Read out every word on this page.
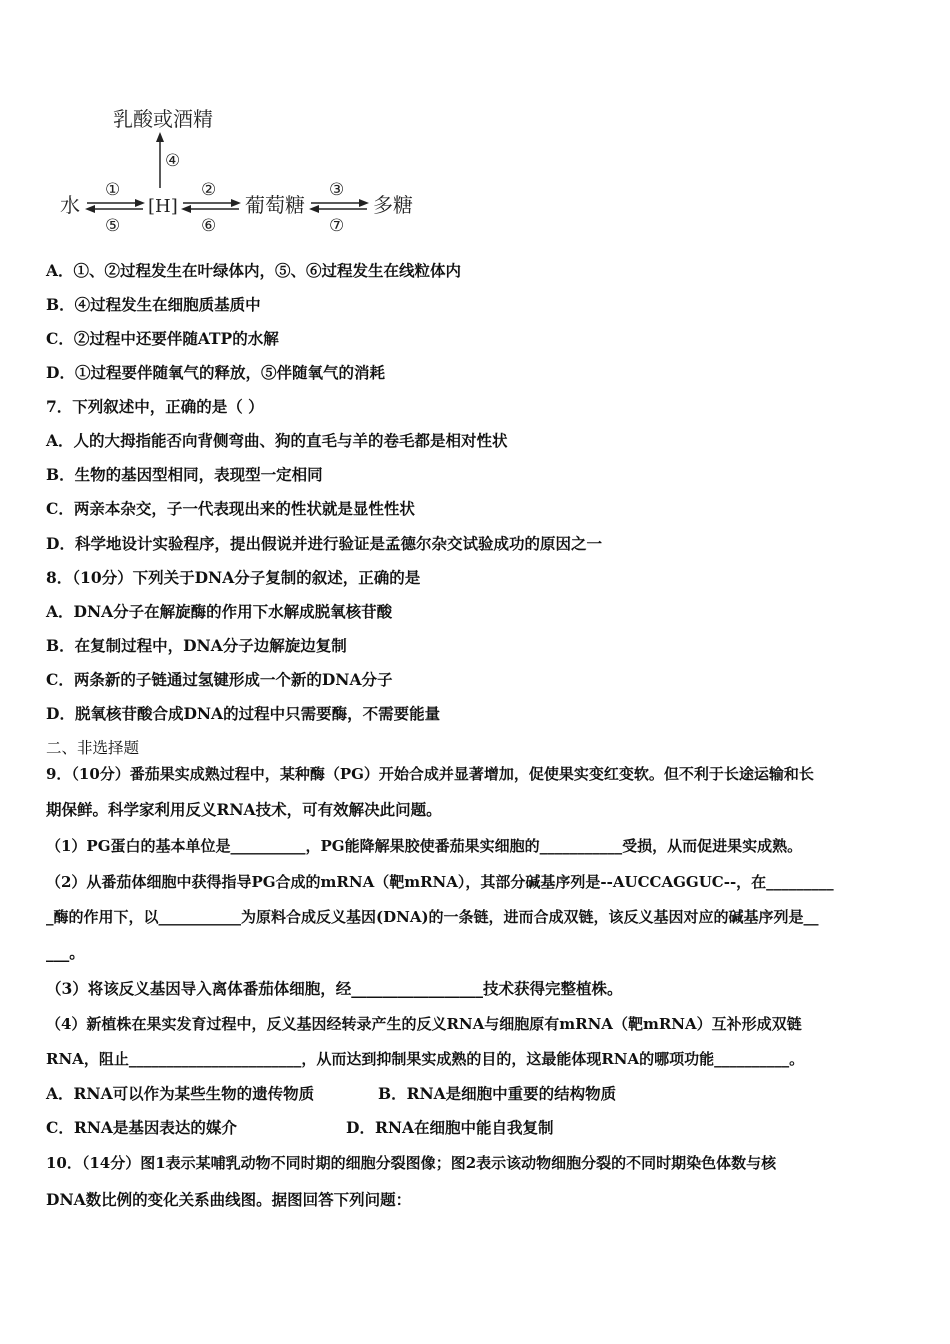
乳酸或酒精
④
水	[H]	葡萄糖	多糖
①
⑤
②
⑥
③
⑦
A．①、②过程发生在叶绿体内，⑤、⑥过程发生在线粒体内
B．④过程发生在细胞质基质中
C．②过程中还要伴随ATP的水解
D．①过程要伴随氧气的释放，⑤伴随氧气的消耗
7．下列叙述中，正确的是（ ）
A．人的大拇指能否向背侧弯曲、狗的直毛与羊的卷毛都是相对性状
B．生物的基因型相同，表现型一定相同
C．两亲本杂交，子一代表现出来的性状就是显性性状
D．科学地设计实验程序，提出假说并进行验证是孟德尔杂交试验成功的原因之一
8．（10分）下列关于DNA分子复制的叙述，正确的是
A．DNA分子在解旋酶的作用下水解成脱氧核苷酸
B．在复制过程中，DNA分子边解旋边复制
C．两条新的子链通过氢键形成一个新的DNA分子
D．脱氧核苷酸合成DNA的过程中只需要酶，不需要能量
二、非选择题
9．（10分）番茄果实成熟过程中，某种酶（PG）开始合成并显著增加，促使果实变红变软。但不利于长途运输和长
期保鲜。科学家利用反义RNA技术，可有效解决此问题。
（1）PG蛋白的基本单位是__________，PG能降解果胶使番茄果实细胞的___________受损，从而促进果实成熟。
（2）从番茄体细胞中获得指导PG合成的mRNA（靶mRNA），其部分碱基序列是--AUCCAGGUC--，在_________
_酶的作用下，以___________为原料合成反义基因(DNA)的一条链，进而合成双链，该反义基因对应的碱基序列是__
___。
（3）将该反义基因导入离体番茄体细胞，经_________________技术获得完整植株。
（4）新植株在果实发育过程中，反义基因经转录产生的反义RNA与细胞原有mRNA（靶mRNA）互补形成双链
RNA，阻止_______________________，从而达到抑制果实成熟的目的，这最能体现RNA的哪项功能__________。
A．RNA可以作为某些生物的遗传物质	B．RNA是细胞中重要的结构物质
C．RNA是基因表达的媒介	D．RNA在细胞中能自我复制
10．（14分）图1表示某哺乳动物不同时期的细胞分裂图像；图2表示该动物细胞分裂的不同时期染色体数与核
DNA数比例的变化关系曲线图。据图回答下列问题：
